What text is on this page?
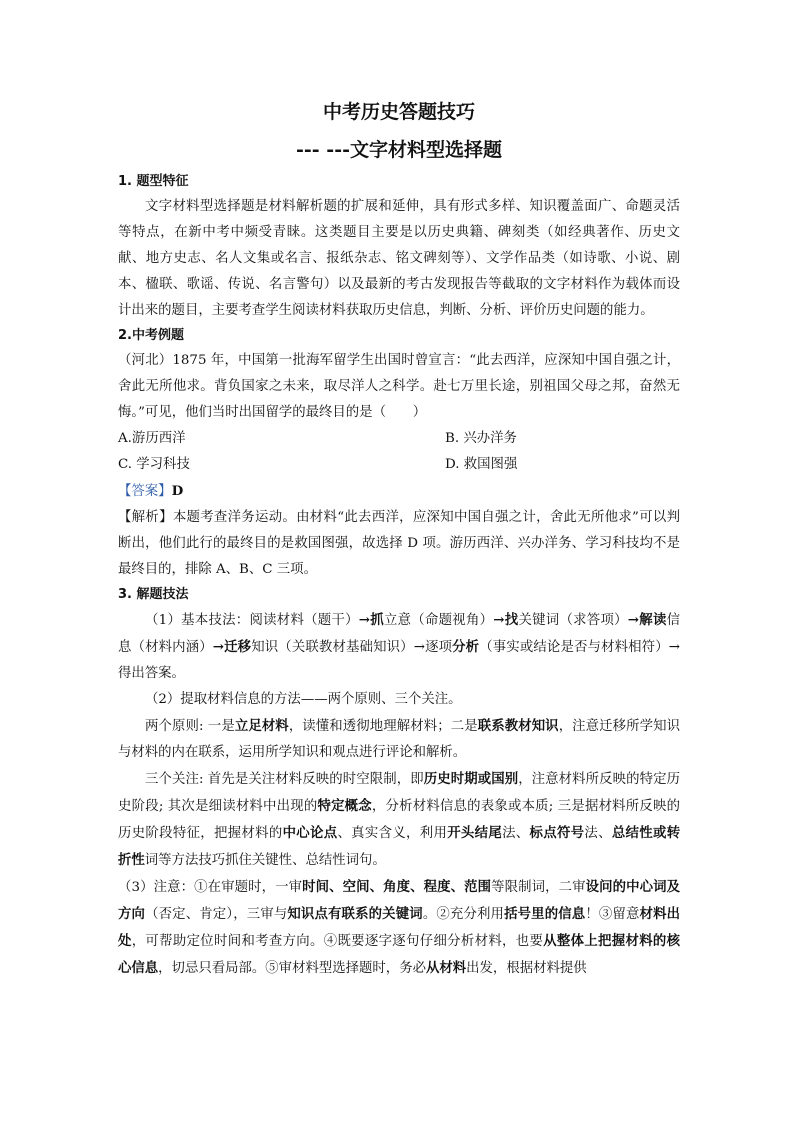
中考历史答题技巧
--- ---文字材料型选择题
1. 题型特征

文字材料型选择题是材料解析题的扩展和延伸，具有形式多样、知识覆盖面广、命题灵活等特点，在新中考中频受青睐。这类题目主要是以历史典籍、碑刻类（如经典著作、历史文献、地方史志、名人文集或名言、报纸杂志、铭文碑刻等）、文学作品类（如诗歌、小说、剧本、楹联、歌谣、传说、名言警句）以及最新的考古发现报告等截取的文字材料作为载体而设计出来的题目，主要考查学生阅读材料获取历史信息，判断、分析、评价历史问题的能力。

2.中考例题

（河北）1875 年，中国第一批海军留学生出国时曾宣言：“此去西洋，应深知中国自强之计，舍此无所他求。背负国家之未来，取尽洋人之科学。赴七万里长途，别祖国父母之邦，奋然无悔。”可见，他们当时出国留学的最终目的是（　　）

A.游历西洋	B. 兴办洋务
C. 学习科技	D. 救国图强

【答案】D

【解析】本题考查洋务运动。由材料“此去西洋，应深知中国自强之计，舍此无所他求”可以判断出，他们此行的最终目的是救国图强，故选择 D 项。游历西洋、兴办洋务、学习科技均不是最终目的，排除 A、B、C 三项。

3. 解题技法

（1）基本技法：阅读材料（题干）→抓立意（命题视角）→找关键词（求答项）→解读信息（材料内涵）→迁移知识（关联教材基础知识）→逐项分析（事实或结论是否与材料相符）→得出答案。

（2）提取材料信息的方法——两个原则、三个关注。

两个原则: 一是立足材料，读懂和透彻地理解材料；二是联系教材知识，注意迁移所学知识与材料的内在联系，运用所学知识和观点进行评论和解析。

三个关注: 首先是关注材料反映的时空限制，即历史时期或国别，注意材料所反映的特定历史阶段; 其次是细读材料中出现的特定概念，分析材料信息的表象或本质; 三是据材料所反映的历史阶段特征，把握材料的中心论点、真实含义，利用开头结尾法、标点符号法、总结性或转折性词等方法技巧抓住关键性、总结性词句。

（3）注意：①在审题时，一审时间、空间、角度、程度、范围等限制词，二审设问的中心词及方向（否定、肯定），三审与知识点有联系的关键词。②充分利用括号里的信息！③留意材料出处，可帮助定位时间和考查方向。④既要逐字逐句仔细分析材料，也要从整体上把握材料的核心信息，切忌只看局部。⑤审材料型选择题时，务必从材料出发，根据材料提供
